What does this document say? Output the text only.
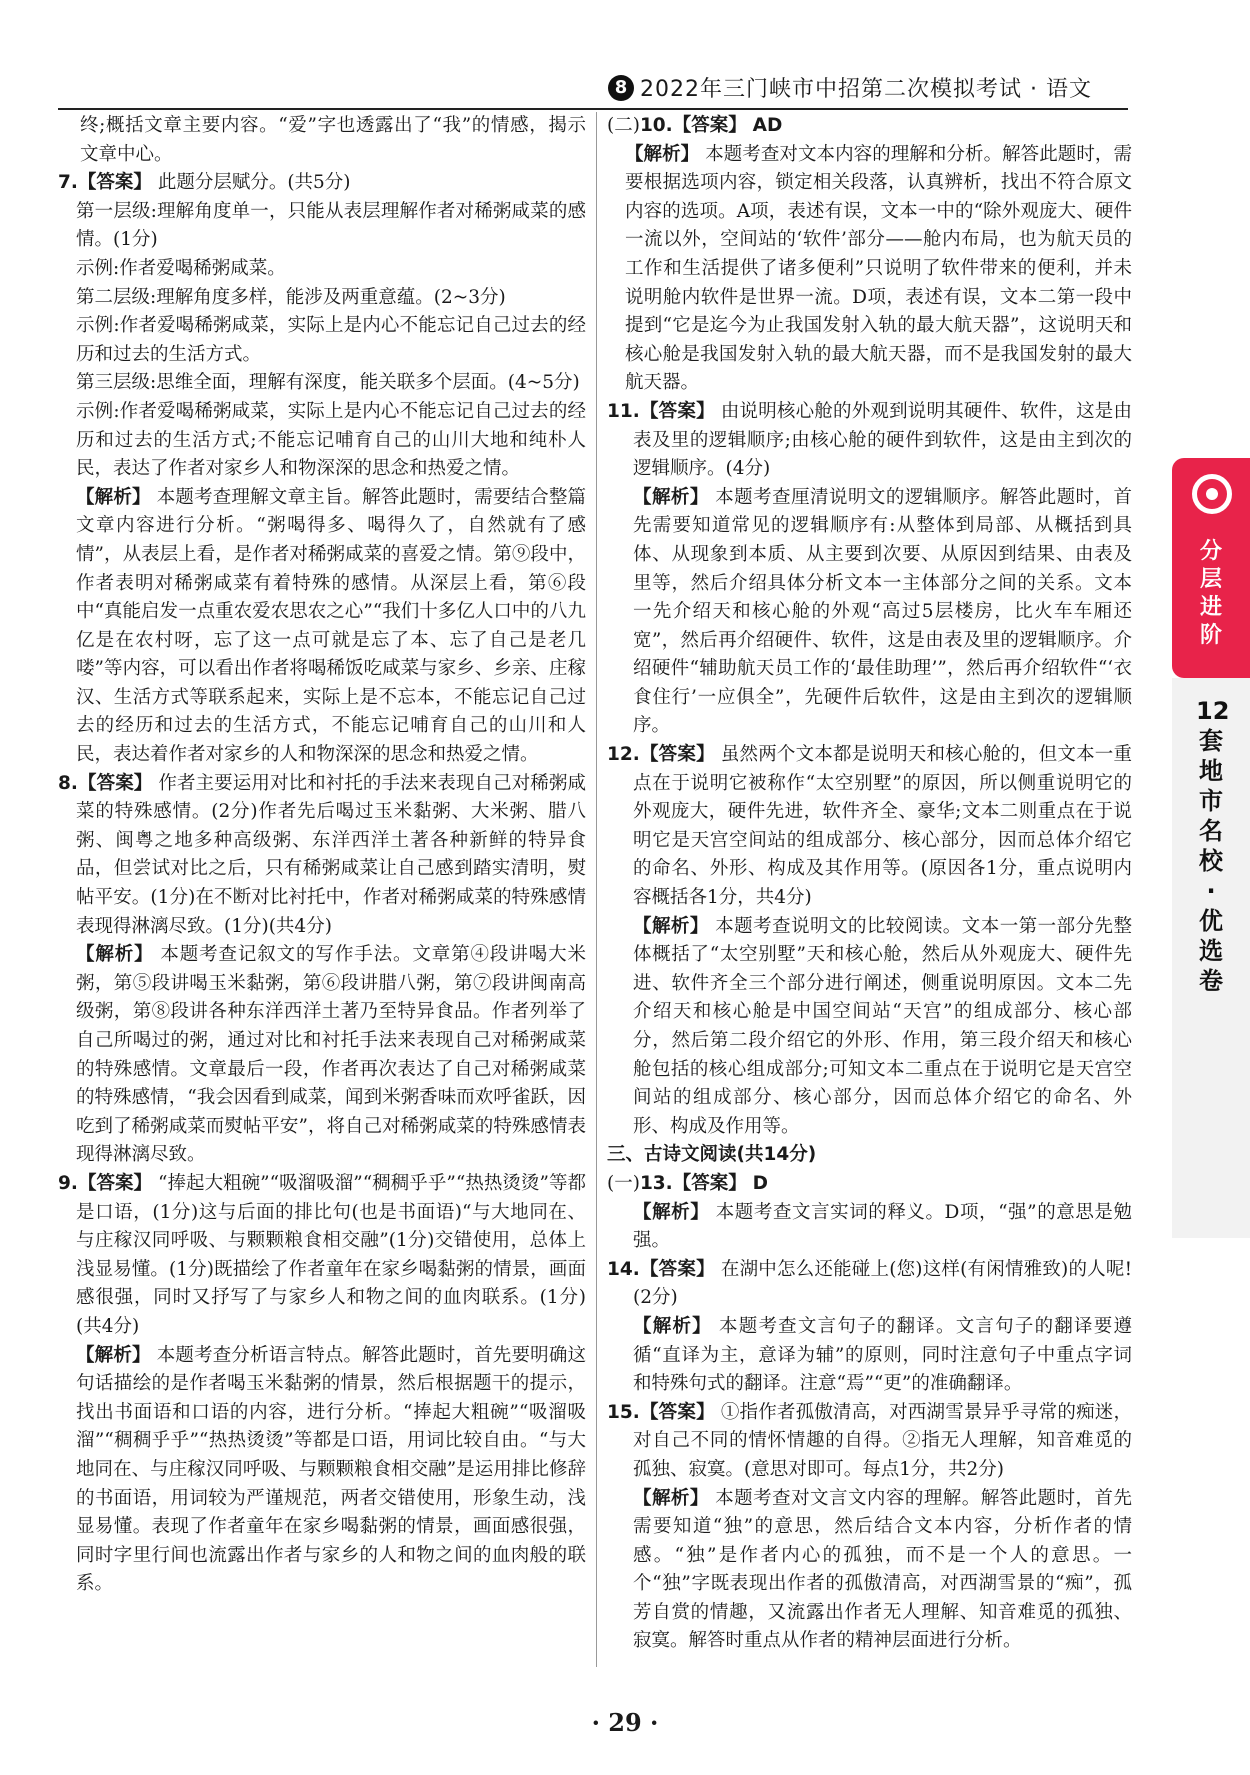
8 2022年三门峡市中招第二次模拟考试 · 语文

终;概括文章主要内容。“爱”字也透露出了“我”的情感，揭示文章中心。

7.【答案】 此题分层赋分。(共5分)

第一层级:理解角度单一，只能从表层理解作者对稀粥咸菜的感情。(1分)

示例:作者爱喝稀粥咸菜。

第二层级:理解角度多样，能涉及两重意蕴。(2~3分)

示例:作者爱喝稀粥咸菜，实际上是内心不能忘记自己过去的经历和过去的生活方式。

第三层级:思维全面，理解有深度，能关联多个层面。(4~5分)

示例:作者爱喝稀粥咸菜，实际上是内心不能忘记自己过去的经历和过去的生活方式;不能忘记哺育自己的山川大地和纯朴人民，表达了作者对家乡人和物深深的思念和热爱之情。

【解析】 本题考查理解文章主旨。解答此题时，需要结合整篇文章内容进行分析。“粥喝得多、喝得久了，自然就有了感情”，从表层上看，是作者对稀粥咸菜的喜爱之情。第⑨段中，作者表明对稀粥咸菜有着特殊的感情。从深层上看，第⑥段中“真能启发一点重农爱农思农之心”“我们十多亿人口中的八九亿是在农村呀，忘了这一点可就是忘了本、忘了自己是老几喽”等内容，可以看出作者将喝稀饭吃咸菜与家乡、乡亲、庄稼汉、生活方式等联系起来，实际上是不忘本，不能忘记自己过去的经历和过去的生活方式，不能忘记哺育自己的山川和人民，表达着作者对家乡的人和物深深的思念和热爱之情。

8.【答案】 作者主要运用对比和衬托的手法来表现自己对稀粥咸菜的特殊感情。(2分)作者先后喝过玉米黏粥、大米粥、腊八粥、闽粤之地多种高级粥、东洋西洋土著各种新鲜的特异食品，但尝试对比之后，只有稀粥咸菜让自己感到踏实清明，熨帖平安。(1分)在不断对比衬托中，作者对稀粥咸菜的特殊感情表现得淋漓尽致。(1分)(共4分)

【解析】 本题考查记叙文的写作手法。文章第④段讲喝大米粥，第⑤段讲喝玉米黏粥，第⑥段讲腊八粥，第⑦段讲闽南高级粥，第⑧段讲各种东洋西洋土著乃至特异食品。作者列举了自己所喝过的粥，通过对比和衬托手法来表现自己对稀粥咸菜的特殊感情。文章最后一段，作者再次表达了自己对稀粥咸菜的特殊感情，“我会因看到咸菜，闻到米粥香味而欢呼雀跃，因吃到了稀粥咸菜而熨帖平安”，将自己对稀粥咸菜的特殊感情表现得淋漓尽致。

9.【答案】 “捧起大粗碗”“吸溜吸溜”“稠稠乎乎”“热热烫烫”等都是口语，(1分)这与后面的排比句(也是书面语)“与大地同在、与庄稼汉同呼吸、与颗颗粮食相交融”(1分)交错使用，总体上浅显易懂。(1分)既描绘了作者童年在家乡喝黏粥的情景，画面感很强，同时又抒写了与家乡人和物之间的血肉联系。(1分)(共4分)

【解析】 本题考查分析语言特点。解答此题时，首先要明确这句话描绘的是作者喝玉米黏粥的情景，然后根据题干的提示，找出书面语和口语的内容，进行分析。“捧起大粗碗”“吸溜吸溜”“稠稠乎乎”“热热烫烫”等都是口语，用词比较自由。“与大地同在、与庄稼汉同呼吸、与颗颗粮食相交融”是运用排比修辞的书面语，用词较为严谨规范，两者交错使用，形象生动，浅显易懂。表现了作者童年在家乡喝黏粥的情景，画面感很强，同时字里行间也流露出作者与家乡的人和物之间的血肉般的联系。

(二)10.【答案】 AD

【解析】 本题考查对文本内容的理解和分析。解答此题时，需要根据选项内容，锁定相关段落，认真辨析，找出不符合原文内容的选项。A项，表述有误，文本一中的“除外观庞大、硬件一流以外，空间站的‘软件’部分——舱内布局，也为航天员的工作和生活提供了诸多便利”只说明了软件带来的便利，并未说明舱内软件是世界一流。D项，表述有误，文本二第一段中提到“它是迄今为止我国发射入轨的最大航天器”，这说明天和核心舱是我国发射入轨的最大航天器，而不是我国发射的最大航天器。

11.【答案】 由说明核心舱的外观到说明其硬件、软件，这是由表及里的逻辑顺序;由核心舱的硬件到软件，这是由主到次的逻辑顺序。(4分)

【解析】 本题考查厘清说明文的逻辑顺序。解答此题时，首先需要知道常见的逻辑顺序有:从整体到局部、从概括到具体、从现象到本质、从主要到次要、从原因到结果、由表及里等，然后介绍具体分析文本一主体部分之间的关系。文本一先介绍天和核心舱的外观“高过5层楼房，比火车车厢还宽”，然后再介绍硬件、软件，这是由表及里的逻辑顺序。介绍硬件“辅助航天员工作的‘最佳助理’”，然后再介绍软件“‘衣食住行’一应俱全”，先硬件后软件，这是由主到次的逻辑顺序。

12.【答案】 虽然两个文本都是说明天和核心舱的，但文本一重点在于说明它被称作“太空别墅”的原因，所以侧重说明它的外观庞大，硬件先进，软件齐全、豪华;文本二则重点在于说明它是天宫空间站的组成部分、核心部分，因而总体介绍它的命名、外形、构成及其作用等。(原因各1分，重点说明内容概括各1分，共4分)

【解析】 本题考查说明文的比较阅读。文本一第一部分先整体概括了“太空别墅”天和核心舱，然后从外观庞大、硬件先进、软件齐全三个部分进行阐述，侧重说明原因。文本二先介绍天和核心舱是中国空间站“天宫”的组成部分、核心部分，然后第二段介绍它的外形、作用，第三段介绍天和核心舱包括的核心组成部分;可知文本二重点在于说明它是天宫空间站的组成部分、核心部分，因而总体介绍它的命名、外形、构成及作用等。

三、古诗文阅读(共14分)

(一)13.【答案】 D

【解析】 本题考查文言实词的释义。D项，“强”的意思是勉强。

14.【答案】 在湖中怎么还能碰上(您)这样(有闲情雅致)的人呢!(2分)

【解析】 本题考查文言句子的翻译。文言句子的翻译要遵循“直译为主，意译为辅”的原则，同时注意句子中重点字词和特殊句式的翻译。注意“焉”“更”的准确翻译。

15.【答案】 ①指作者孤傲清高，对西湖雪景异乎寻常的痴迷，对自己不同的情怀情趣的自得。②指无人理解，知音难觅的孤独、寂寞。(意思对即可。每点1分，共2分)

【解析】 本题考查对文言文内容的理解。解答此题时，首先需要知道“独”的意思，然后结合文本内容，分析作者的情感。“独”是作者内心的孤独，而不是一个人的意思。一个“独”字既表现出作者的孤傲清高，对西湖雪景的“痴”，孤芳自赏的情趣，又流露出作者无人理解、知音难觅的孤独、寂寞。解答时重点从作者的精神层面进行分析。

分层进阶
12套地市名校·优选卷
· 29 ·
